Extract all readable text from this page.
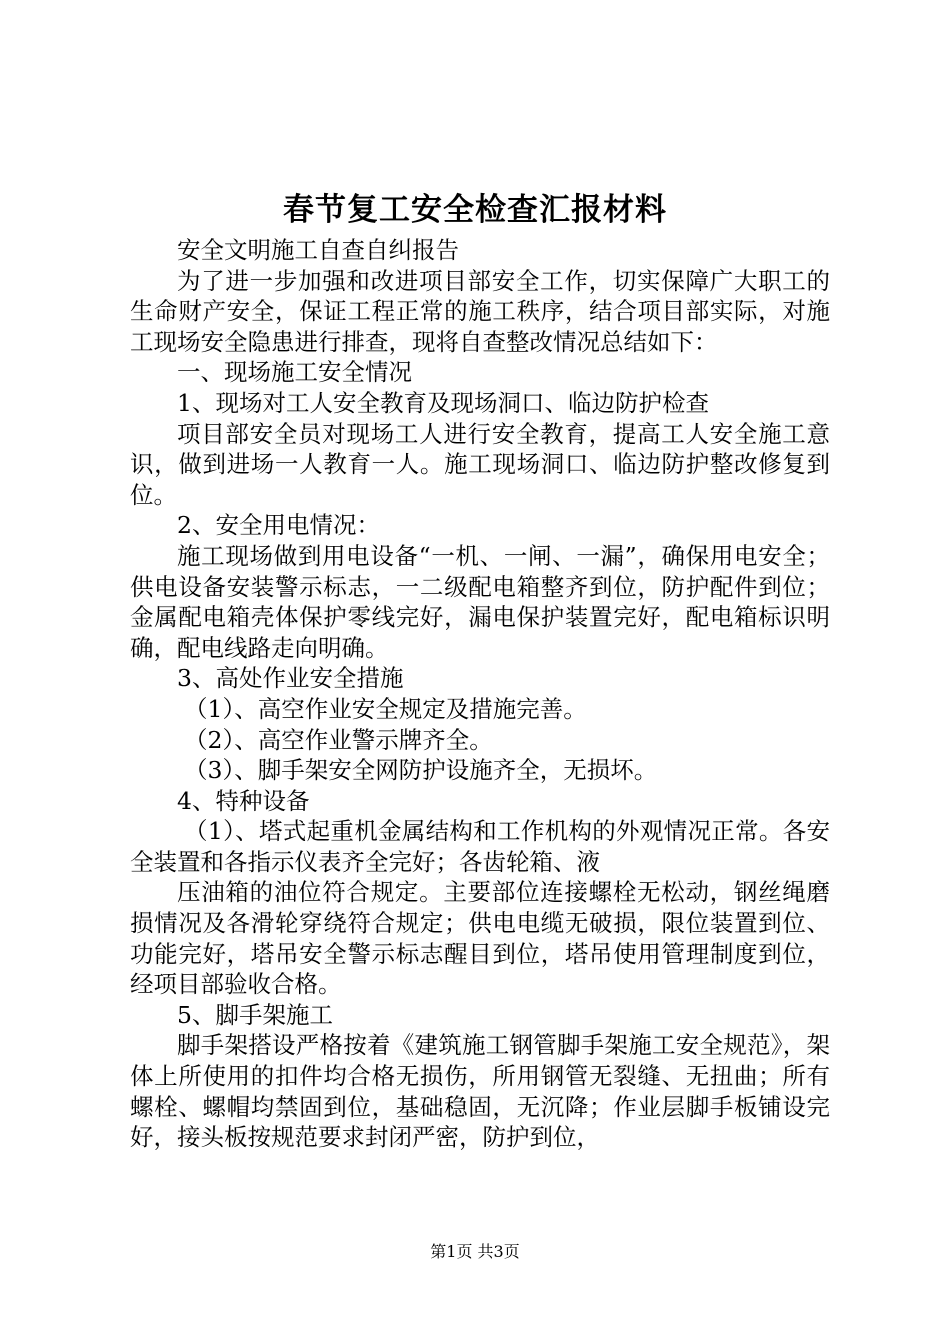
春节复工安全检查汇报材料

安全文明施工自查自纠报告

为了进一步加强和改进项目部安全工作，切实保障广大职工的生命财产安全，保证工程正常的施工秩序，结合项目部实际，对施工现场安全隐患进行排查，现将自查整改情况总结如下：

一、现场施工安全情况

1、现场对工人安全教育及现场洞口、临边防护检查

项目部安全员对现场工人进行安全教育，提高工人安全施工意识，做到进场一人教育一人。施工现场洞口、临边防护整改修复到位。

2、安全用电情况：

施工现场做到用电设备“一机、一闸、一漏”，确保用电安全；供电设备安装警示标志，一二级配电箱整齐到位，防护配件到位；金属配电箱壳体保护零线完好，漏电保护装置完好，配电箱标识明确，配电线路走向明确。

3、高处作业安全措施

（1）、高空作业安全规定及措施完善。

（2）、高空作业警示牌齐全。

（3）、脚手架安全网防护设施齐全，无损坏。

4、特种设备

（1）、塔式起重机金属结构和工作机构的外观情况正常。各安全装置和各指示仪表齐全完好；各齿轮箱、液

压油箱的油位符合规定。主要部位连接螺栓无松动，钢丝绳磨损情况及各滑轮穿绕符合规定；供电电缆无破损，限位装置到位、功能完好，塔吊安全警示标志醒目到位，塔吊使用管理制度到位，经项目部验收合格。

5、脚手架施工

脚手架搭设严格按着《建筑施工钢管脚手架施工安全规范》，架体上所使用的扣件均合格无损伤，所用钢管无裂缝、无扭曲；所有螺栓、螺帽均禁固到位，基础稳固，无沉降；作业层脚手板铺设完好，接头板按规范要求封闭严密，防护到位，

第1页 共3页
